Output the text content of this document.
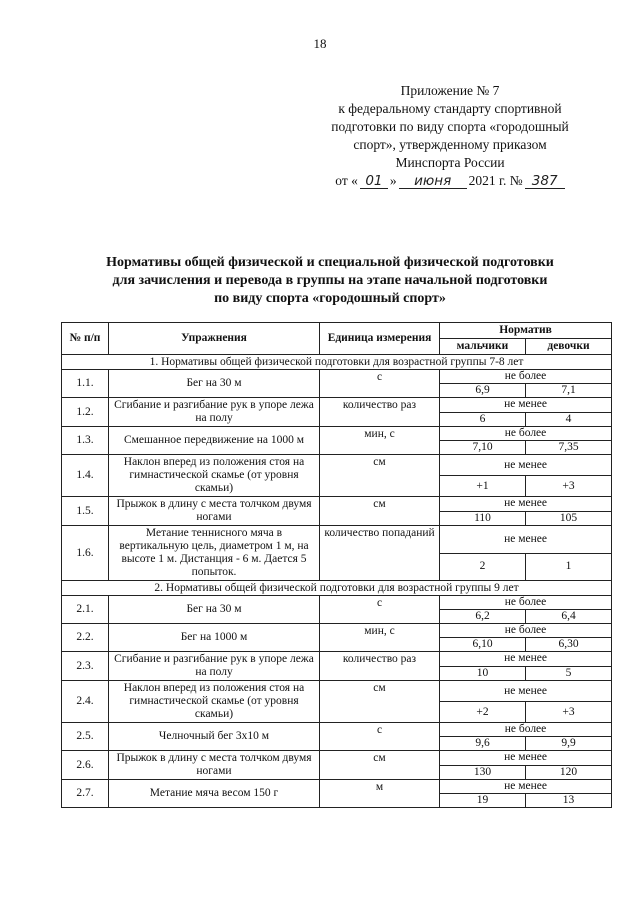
18
Приложение № 7
к федеральному стандарту спортивной
подготовки по виду спорта «городошный
спорт», утвержденному приказом
Минспорта России
от « 01 »	июня	2021 г. № 387
Нормативы общей физической и специальной физической подготовки
для зачисления и перевода в группы на этапе начальной подготовки
по виду спорта «городошный спорт»
№ п/п	Упражнения	Единица измерения	Норматив	
			мальчики	девочки
1. Нормативы общей физической подготовки для возрастной группы 7-8 лет				
1.1.	Бег на 30 м	с	не более	
			6,9	7,1
1.2.	Сгибание и разгибание рук в упоре лежа на полу	количество раз	не менее	
			6	4
1.3.	Смешанное передвижение на 1000 м	мин, с	не более	
			7,10	7,35
1.4.	Наклон вперед из положения стоя на гимнастической скамье (от уровня скамьи)	см	не менее	
			+1	+3
1.5.	Прыжок в длину с места толчком двумя ногами	см	не менее	
			110	105
1.6.	Метание теннисного мяча в вертикальную цель, диаметром 1 м, на высоте 1 м. Дистанция - 6 м. Дается 5 попыток.	количество попаданий	не менее	
			2	1
2. Нормативы общей физической подготовки для возрастной группы 9 лет				
2.1.	Бег на 30 м	с	не более	
			6,2	6,4
2.2.	Бег на 1000 м	мин, с	не более	
			6,10	6,30
2.3.	Сгибание и разгибание рук в упоре лежа на полу	количество раз	не менее	
			10	5
2.4.	Наклон вперед из положения стоя на гимнастической скамье (от уровня скамьи)	см	не менее	
			+2	+3
2.5.	Челночный бег 3х10 м	с	не более	
			9,6	9,9
2.6.	Прыжок в длину с места толчком двумя ногами	см	не менее	
			130	120
2.7.	Метание мяча весом 150 г	м	не менее	
			19	13
